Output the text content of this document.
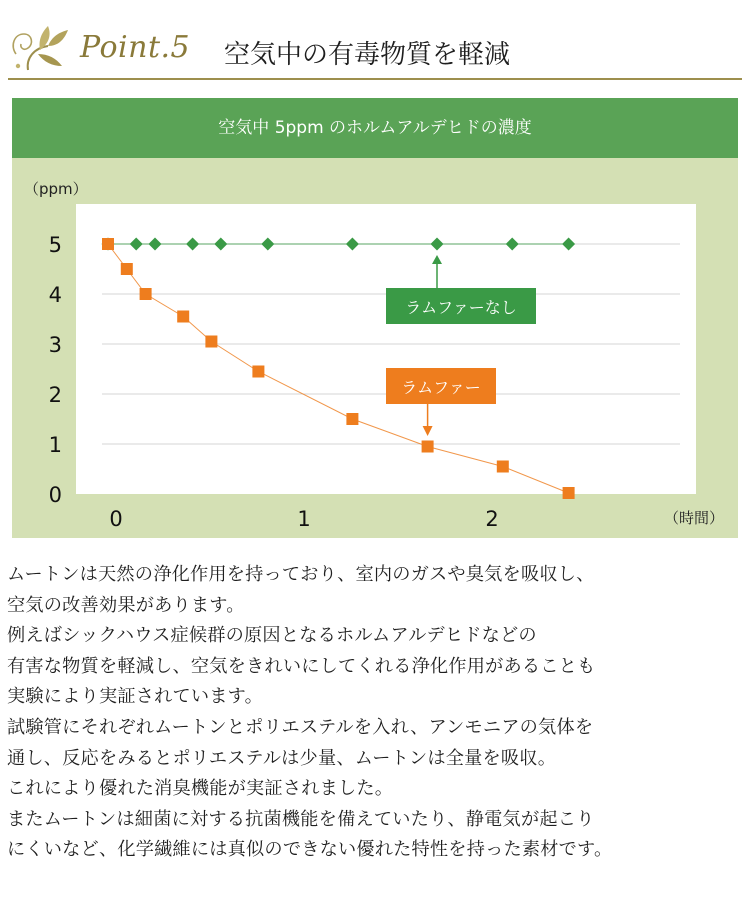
Point.5 空気中の有毒物質を軽減
空気中 5ppm のホルムアルデヒドの濃度
（ppm）
0
1
2
3
4
5
0	1	2	（時間）
ラムファーなし
ラムファー

ムートンは天然の浄化作用を持っており、室内のガスや臭気を吸収し、

空気の改善効果があります。

例えばシックハウス症候群の原因となるホルムアルデヒドなどの

有害な物質を軽減し、空気をきれいにしてくれる浄化作用があることも

実験により実証されています。

試験管にそれぞれムートンとポリエステルを入れ、アンモニアの気体を

通し、反応をみるとポリエステルは少量、ムートンは全量を吸収。

これにより優れた消臭機能が実証されました。

またムートンは細菌に対する抗菌機能を備えていたり、静電気が起こり

にくいなど、化学繊維には真似のできない優れた特性を持った素材です。
